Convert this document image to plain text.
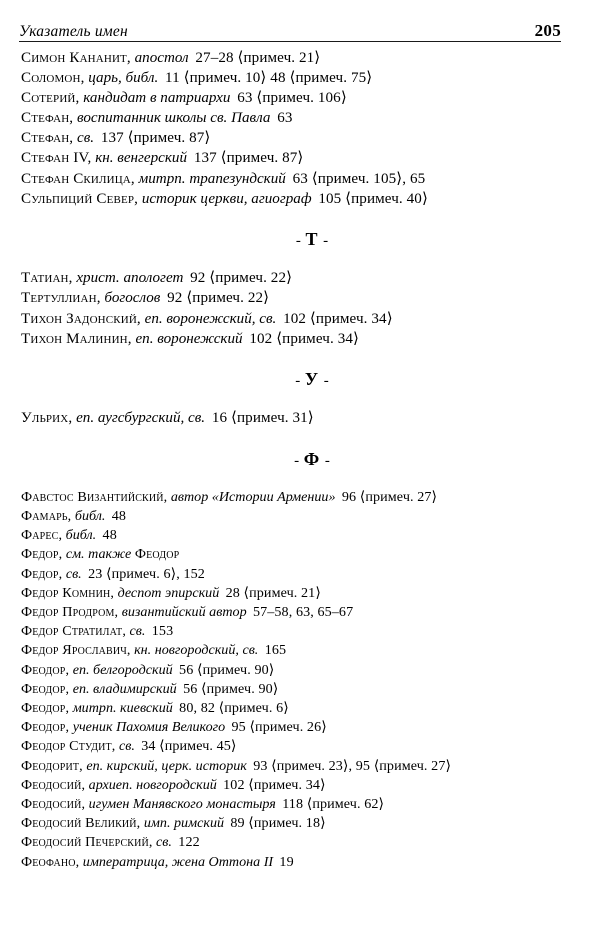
Указатель имен	205
Симон Кананит, апостол 27–28 ⟨примеч. 21⟩
Соломон, царь, библ. 11 ⟨примеч. 10⟩ 48 ⟨примеч. 75⟩
Сотерий, кандидат в патриархи 63 ⟨примеч. 106⟩
Стефан, воспитанник школы св. Павла 63
Стефан, св. 137 ⟨примеч. 87⟩
Стефан IV, кн. венгерский 137 ⟨примеч. 87⟩
Стефан Скилица, митрп. трапезундский 63 ⟨примеч. 105⟩, 65
Сульпиций Север, историк церкви, агиограф 105 ⟨примеч. 40⟩
- Т -
Татиан, христ. апологет 92 ⟨примеч. 22⟩
Тертуллиан, богослов 92 ⟨примеч. 22⟩
Тихон Задонский, еп. воронежский, св. 102 ⟨примеч. 34⟩
Тихон Малинин, еп. воронежский 102 ⟨примеч. 34⟩
- У -
Ульрих, еп. аугсбургский, св. 16 ⟨примеч. 31⟩
- Ф -
Фавстос Византийский, автор «Истории Армении» 96 ⟨примеч. 27⟩
Фамарь, библ. 48
Фарес, библ. 48
Федор, см. также Феодор
Федор, св. 23 ⟨примеч. 6⟩, 152
Федор Комнин, деспот эпирский 28 ⟨примеч. 21⟩
Федор Продром, византийский автор 57–58, 63, 65–67
Федор Стратилат, св. 153
Федор Ярославич, кн. новгородский, св. 165
Феодор, еп. белгородский 56 ⟨примеч. 90⟩
Феодор, еп. владимирский 56 ⟨примеч. 90⟩
Феодор, митрп. киевский 80, 82 ⟨примеч. 6⟩
Феодор, ученик Пахомия Великого 95 ⟨примеч. 26⟩
Феодор Студит, св. 34 ⟨примеч. 45⟩
Феодорит, еп. кирский, церк. историк 93 ⟨примеч. 23⟩, 95 ⟨примеч. 27⟩
Феодосий, архиеп. новгородский 102 ⟨примеч. 34⟩
Феодосий, игумен Манявского монастыря 118 ⟨примеч. 62⟩
Феодосий Великий, имп. римский 89 ⟨примеч. 18⟩
Феодосий Печерский, св. 122
Феофано, императрица, жена Оттона II 19
